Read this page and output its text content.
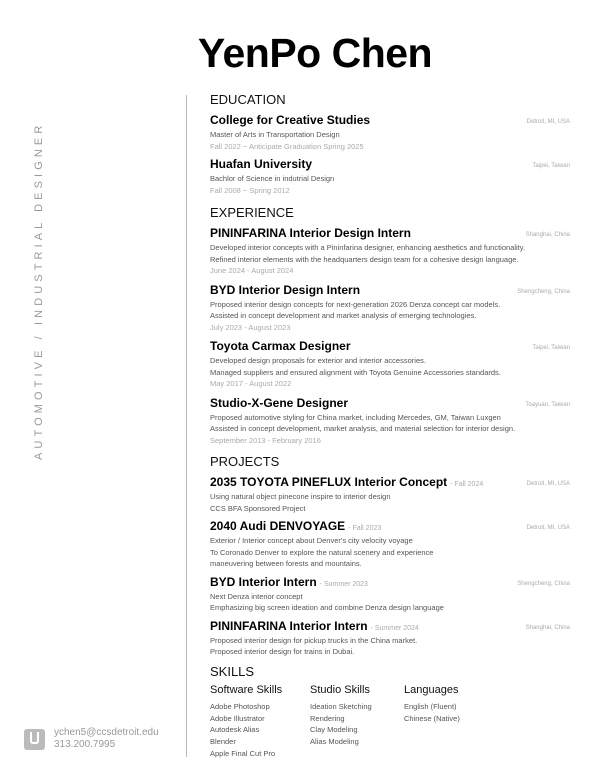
YenPo Chen
AUTOMOTIVE / INDUSTRIAL DESIGNER
EDUCATION
College for Creative Studies	Detroit, MI, USA
Master of Arts in Transportation Design
Fall 2022 ~ Anticipate Graduation Spring 2025
Huafan University	Taipei, Taiwan
Bachlor of Science in indutrial Design
Fall 2008 ~ Spring 2012
EXPERIENCE
PININFARINA Interior Design Intern	Shanghai, China
Developed interior concepts with a Pininfarina designer, enhancing aesthetics and functionality.
Refined interior elements with the headquarters design team for a cohesive design language.
June 2024 - August 2024
BYD Interior Design Intern	Shengcheng, China
Proposed interior design concepts for next-generation 2026 Denza concept car models.
Assisted in concept development and market analysis of emerging technologies.
July 2023 - August 2023
Toyota Carmax Designer	Taipei, Taiwan
Developed design proposals for exterior and interior accessories.
Managed suppliers and ensured alignment with Toyota Genuine Accessories standards.
May 2017 - August 2022
Studio-X-Gene Designer	Toayuan, Taiwan
Proposed automotive styling for China market, including Mercedes, GM, Taiwan Luxgen
Assisted in concept development, market analysis, and material selection for interior design.
September 2013 - February 2016
PROJECTS
2035 TOYOTA PINEFLUX Interior Concept - Fall 2024	Detroit, MI, USA
Using natural object pinecone inspire to interior design
CCS BFA Sponsored Project
2040 Audi DENVOYAGE - Fall 2023	Detroit, MI, USA
Exterior / Interior concept about Denver's city velocity voyage
To Coronado Denver to explore the natural scenery and experience
maneuvering between forests and mountains.
BYD Interior Intern - Summer 2023	Shengcheng, China
Next Denza interior concept
Emphasizing big screen ideation and combine Denza design language
PININFARINA Interior Intern - Summer 2024	Shanghai, China
Proposed interior design for pickup trucks in the China market.
Proposed interior design for trains in Dubai.
SKILLS
Software Skills
Adobe Photoshop
Adobe Illustrator
Autodesk Alias
Blender
Apple Final Cut Pro
Studio Skills
Ideation Sketching
Rendering
Clay Modeling
Alias Modeling
Languages
English (Fluent)
Chinese (Native)
ychen5@ccsdetroit.edu
313.200.7995
